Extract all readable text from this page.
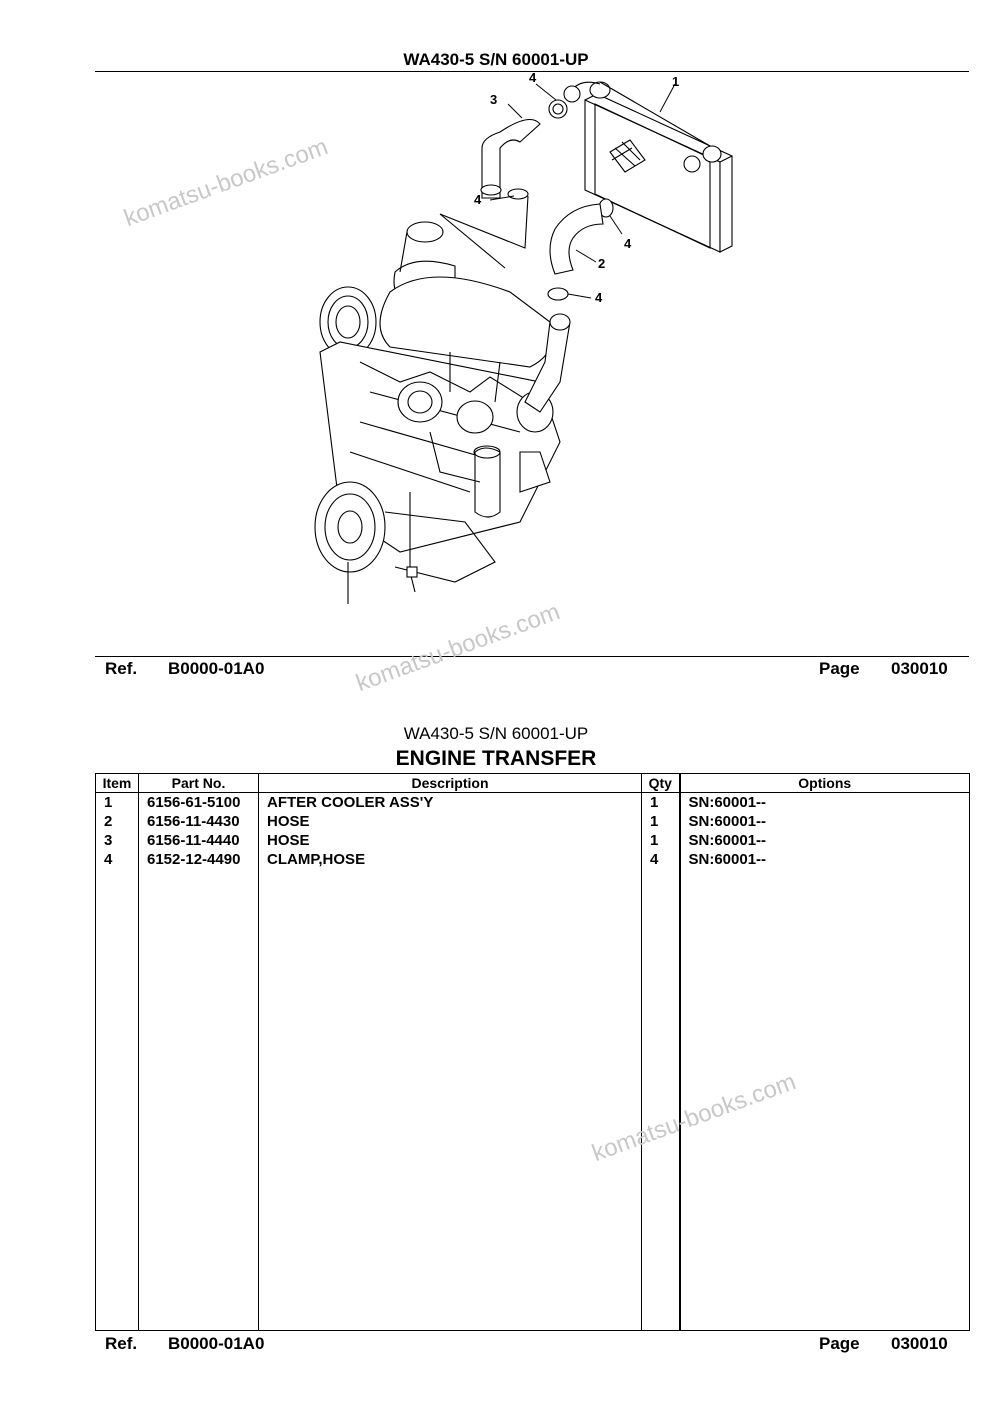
WA430-5 S/N 60001-UP
1
2
3
4
4
4
4
Ref. B0000-01A0	Page 030010
WA430-5 S/N 60001-UP
ENGINE TRANSFER
Item	Part No.	Description	Qty	Options
1	6156-61-5100	AFTER COOLER ASS'Y	1	SN:60001--
2	6156-11-4430	HOSE	1	SN:60001--
3	6156-11-4440	HOSE	1	SN:60001--
4	6152-12-4490	CLAMP,HOSE	4	SN:60001--

Ref. B0000-01A0	Page 030010
komatsu-books.com
komatsu-books.com
komatsu-books.com
